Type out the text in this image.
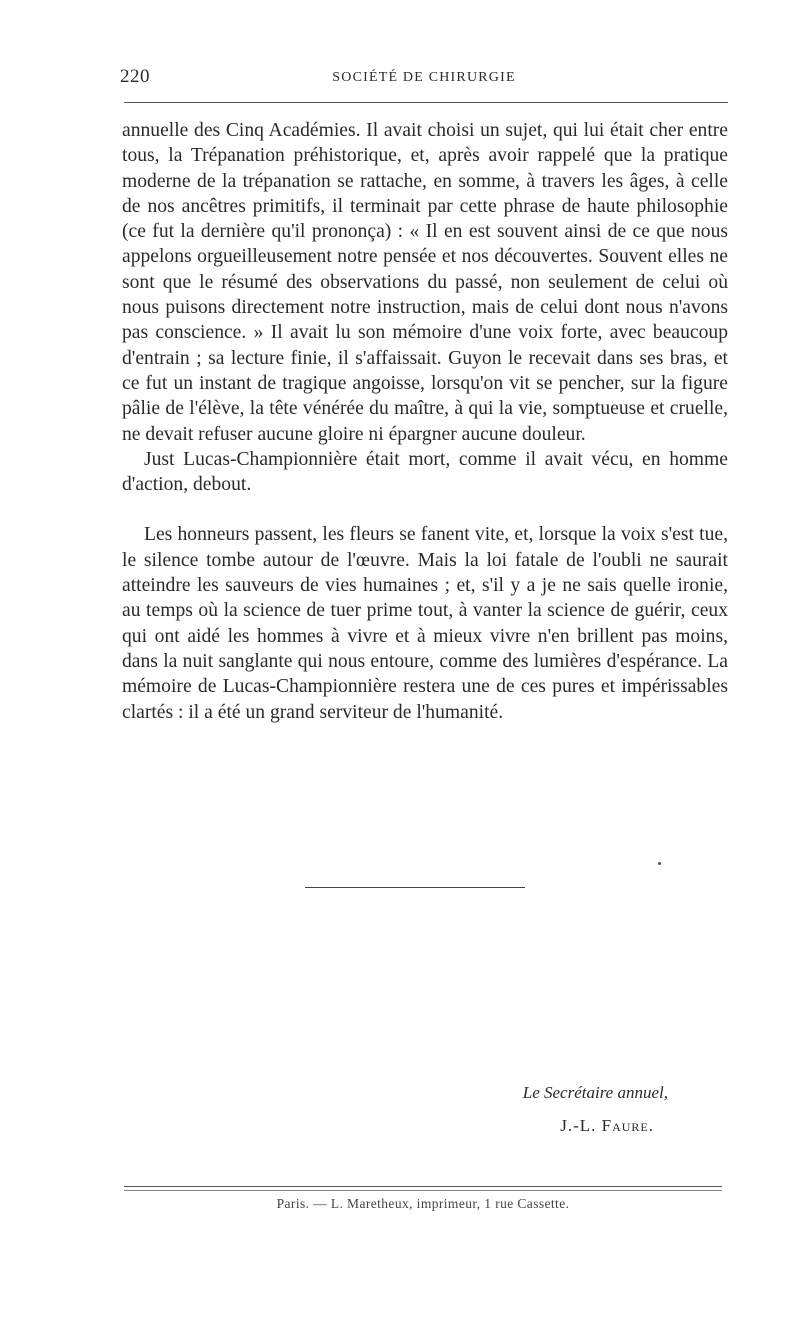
220	SOCIÉTÉ DE CHIRURGIE

annuelle des Cinq Académies. Il avait choisi un sujet, qui lui était cher entre tous, la Trépanation préhistorique, et, après avoir rappelé que la pratique moderne de la trépanation se rattache, en somme, à travers les âges, à celle de nos ancêtres primitifs, il terminait par cette phrase de haute philosophie (ce fut la dernière qu'il prononça) : « Il en est souvent ainsi de ce que nous appelons orgueilleusement notre pensée et nos découvertes. Souvent elles ne sont que le résumé des observations du passé, non seulement de celui où nous puisons directement notre instruction, mais de celui dont nous n'avons pas conscience. » Il avait lu son mémoire d'une voix forte, avec beaucoup d'entrain ; sa lecture finie, il s'affaissait. Guyon le recevait dans ses bras, et ce fut un instant de tragique angoisse, lorsqu'on vit se pencher, sur la figure pâlie de l'élève, la tête vénérée du maître, à qui la vie, somptueuse et cruelle, ne devait refuser aucune gloire ni épargner aucune douleur.

Just Lucas-Championnière était mort, comme il avait vécu, en homme d'action, debout.

Les honneurs passent, les fleurs se fanent vite, et, lorsque la voix s'est tue, le silence tombe autour de l'œuvre. Mais la loi fatale de l'oubli ne saurait atteindre les sauveurs de vies humaines ; et, s'il y a je ne sais quelle ironie, au temps où la science de tuer prime tout, à vanter la science de guérir, ceux qui ont aidé les hommes à vivre et à mieux vivre n'en brillent pas moins, dans la nuit sanglante qui nous entoure, comme des lumières d'espérance. La mémoire de Lucas-Championnière restera une de ces pures et impérissables clartés : il a été un grand serviteur de l'humanité.

Le Secrétaire annuel,
J.-L. Faure.
Paris. — L. Maretheux, imprimeur, 1 rue Cassette.
